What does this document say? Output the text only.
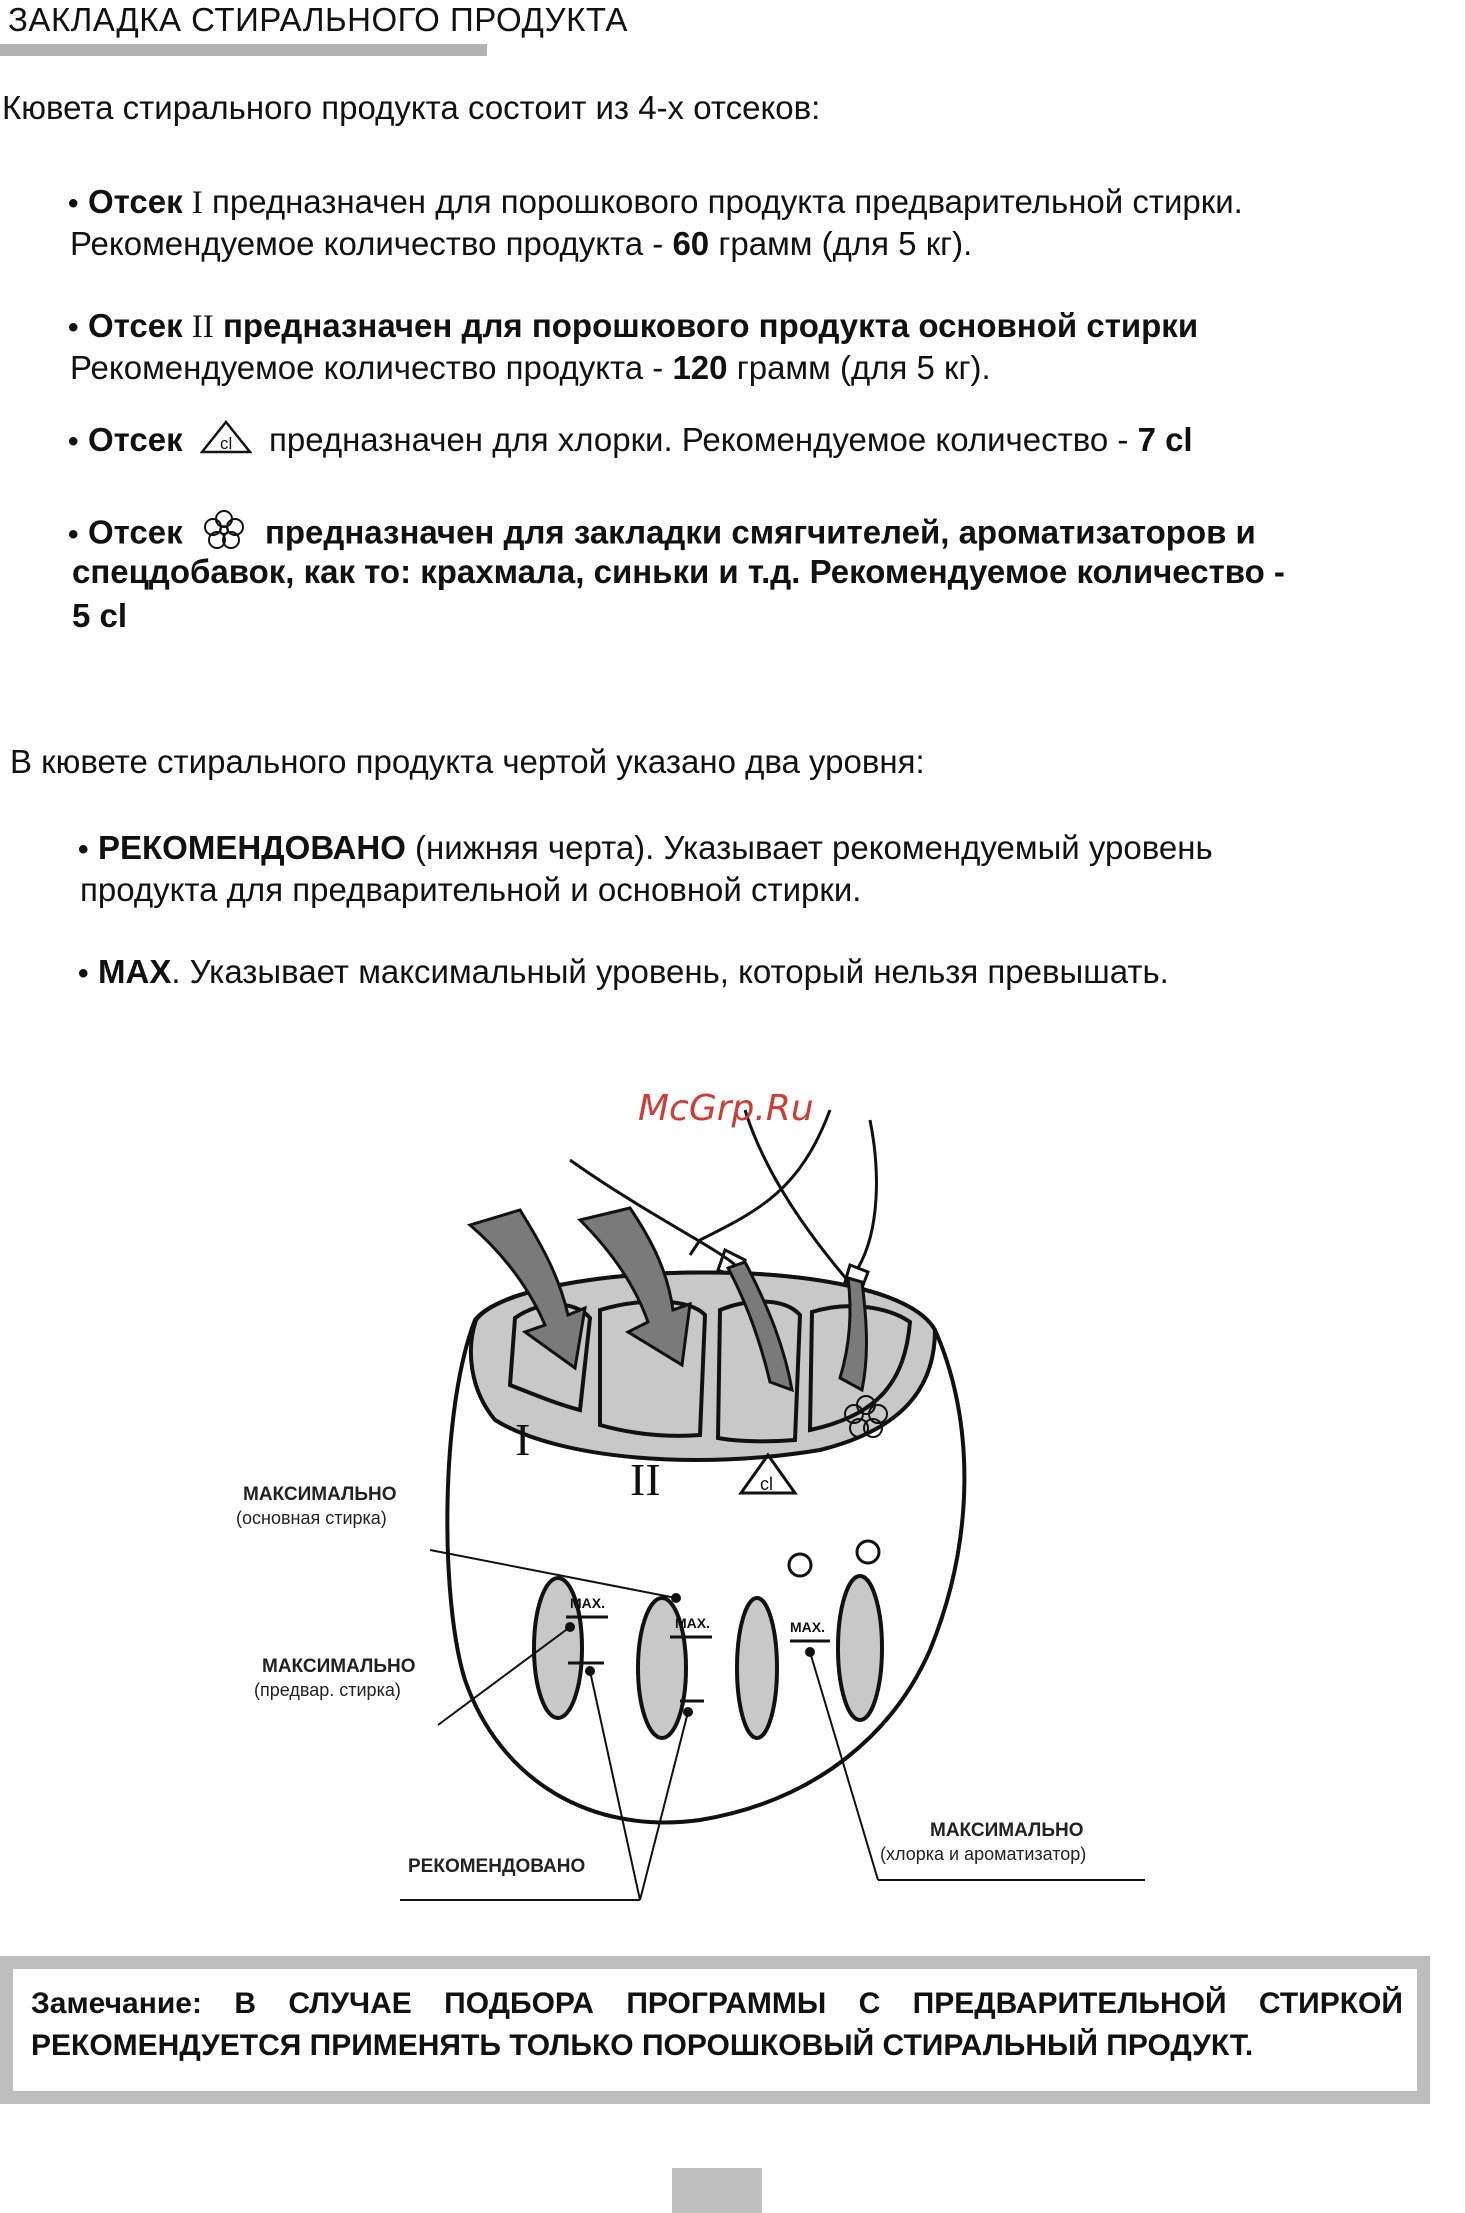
ЗАКЛАДКА СТИРАЛЬНОГО ПРОДУКТА
Кювета стирального продукта состоит из 4-х отсеков:
• Отсек I предназначен для порошкового продукта предварительной стирки.
Рекомендуемое количество продукта - 60 грамм (для 5 кг).
• Отсек II предназначен для порошкового продукта основной стирки
Рекомендуемое количество продукта - 120 грамм (для 5 кг).
• Отсек cl предназначен для хлорки. Рекомендуемое количество - 7 cl
• Отсек предназначен для закладки смягчителей, ароматизаторов и
спецдобавок, как то: крахмала, синьки и т.д. Рекомендуемое количество -
5 cl
В кювете стирального продукта чертой указано два уровня:
• РЕКОМЕНДОВАНО (нижняя черта). Указывает рекомендуемый уровень
продукта для предварительной и основной стирки.
• MAX. Указывает максимальный уровень, который нельзя превышать.
I
II	cl
MAX.
MAX.	MAX.
МАКСИМАЛЬНО
(основная стирка)
МАКСИМАЛЬНО
(предвар. стирка)
РЕКОМЕНДОВАНО
МАКСИМАЛЬНО
(хлорка и ароматизатор)
McGrp.Ru
Замечание: В СЛУЧАЕ ПОДБОРА ПРОГРАММЫ С ПРЕДВАРИТЕЛЬНОЙ СТИРКОЙ
РЕКОМЕНДУЕТСЯ ПРИМЕНЯТЬ ТОЛЬКО ПОРОШКОВЫЙ СТИРАЛЬНЫЙ ПРОДУКТ.
